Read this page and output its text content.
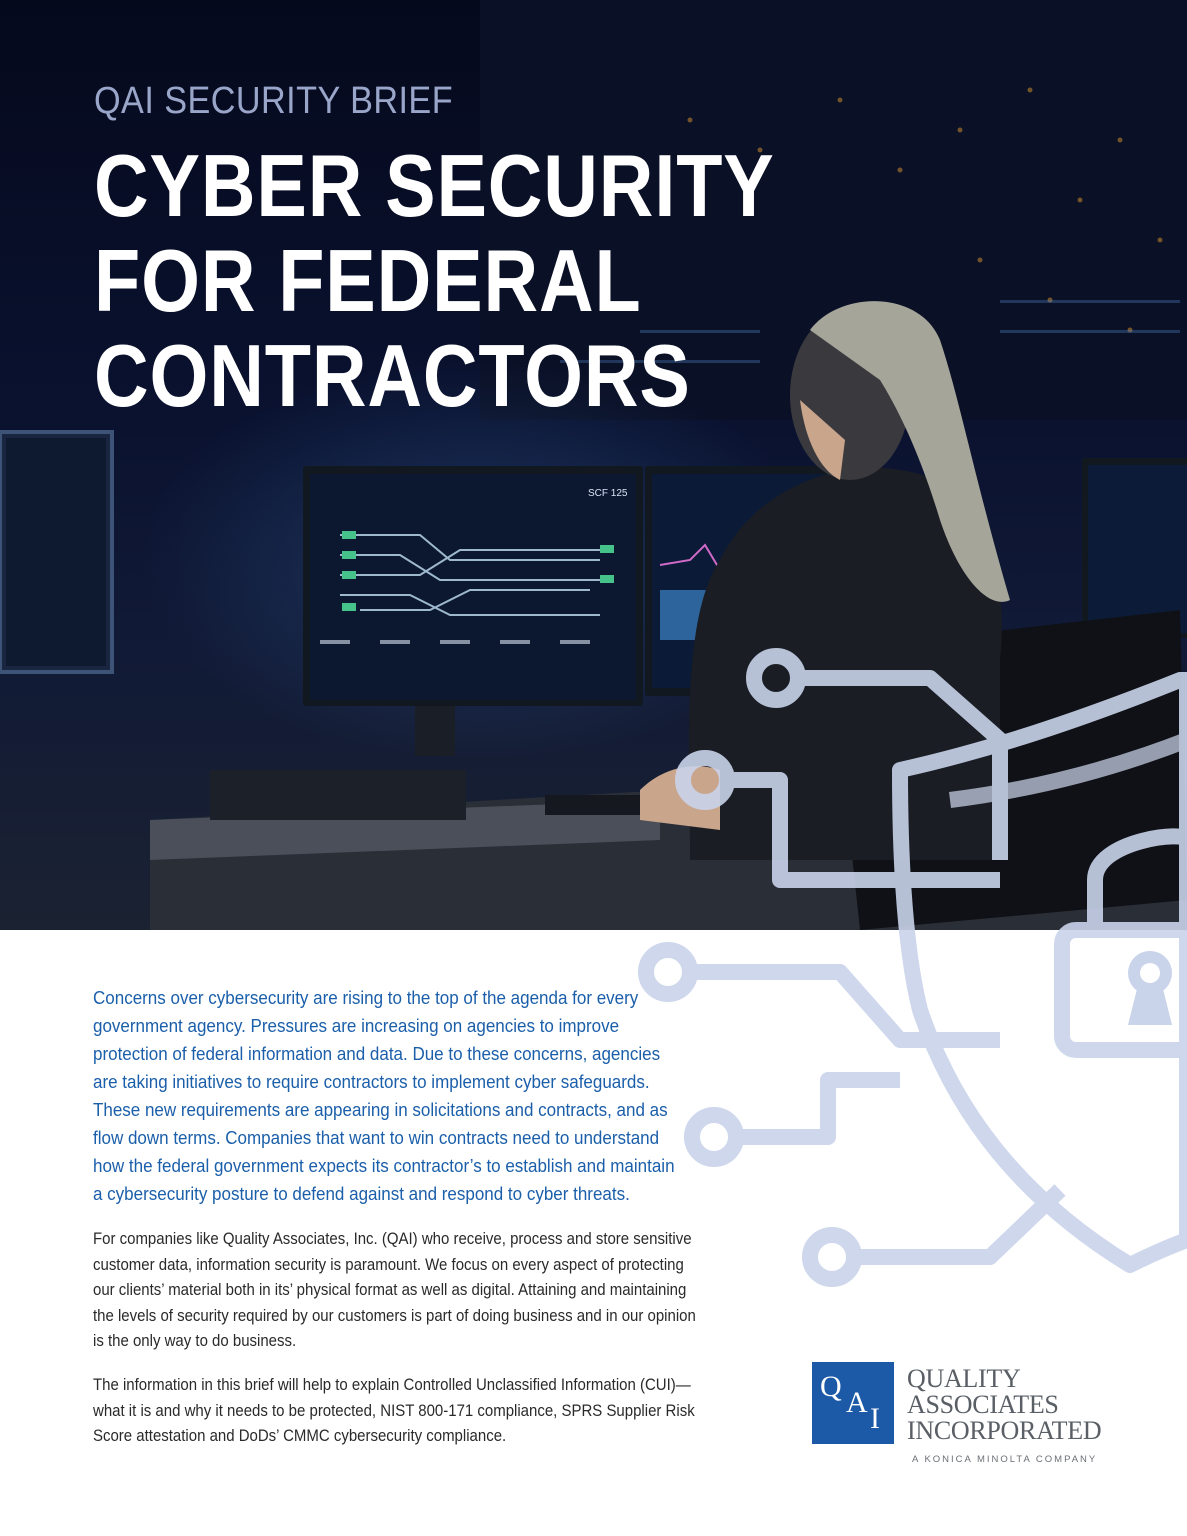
SCF 125

QAI SECURITY BRIEF

CYBER SECURITY
FOR FEDERAL
CONTRACTORS

Concerns over cybersecurity are rising to the top of the agenda for every government agency. Pressures are increasing on agencies to improve protection of federal information and data. Due to these concerns, agencies are taking initiatives to require contractors to implement cyber safeguards. These new requirements are appearing in solicitations and contracts, and as flow down terms. Companies that want to win contracts need to understand how the federal government expects its contractor’s to establish and maintain a cybersecurity posture to defend against and respond to cyber threats.

For companies like Quality Associates, Inc. (QAI) who receive, process and store sensitive customer data, information security is paramount. We focus on every aspect of protecting our clients’ material both in its’ physical format as well as digital. Attaining and maintaining the levels of security required by our customers is part of doing business and in our opinion is the only way to do business.

The information in this brief will help to explain Controlled Unclassified Information (CUI)—what it is and why it needs to be protected, NIST 800-171 compliance, SPRS Supplier Risk Score attestation and DoDs’ CMMC cybersecurity compliance.

Q A I

QUALITY
ASSOCIATES
INCORPORATED

A KONICA MINOLTA COMPANY
